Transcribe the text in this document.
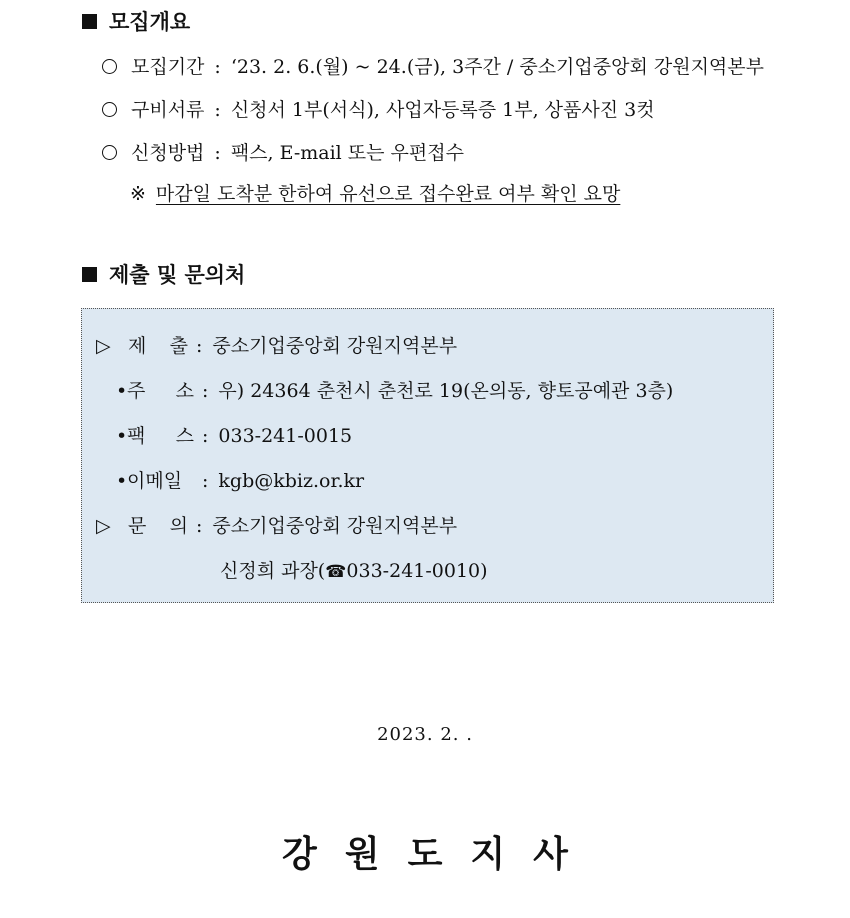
모집개요
모집기간 : ‘23. 2. 6.(월) ~ 24.(금), 3주간 / 중소기업중앙회 강원지역본부
구비서류 : 신청서 1부(서식), 사업자등록증 1부, 상품사진 3컷
신청방법 : 팩스, E-mail 또는 우편접수
※ 마감일 도착분 한하여 유선으로 접수완료 여부 확인 요망
제출 및 문의처
▷ 제 출 : 중소기업중앙회 강원지역본부
• 주 소 : 우) 24364 춘천시 춘천로 19(온의동, 향토공예관 3층)
• 팩 스 : 033-241-0015
• 이메일	: kgb@kbiz.or.kr
▷ 문 의 : 중소기업중앙회 강원지역본부
신정희 과장( ☎ 033-241-0010)
2023. 2. .
강원도지사
